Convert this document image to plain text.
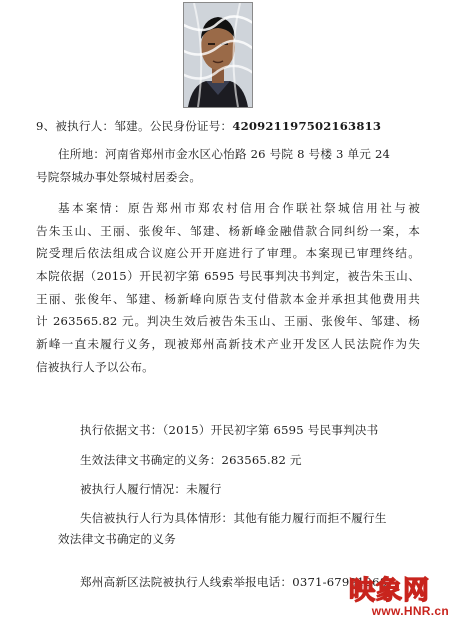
9、被执行人：邹建。公民身份证号：420921197502163813
住所地：河南省郑州市金水区心怡路 26 号院 8 号楼 3 单元 24
号院祭城办事处祭城村居委会。
基本案情：原告郑州市郑农村信用合作联社祭城信用社与被
告朱玉山、王丽、张俊年、邹建、杨新峰金融借款合同纠纷一案，本
院受理后依法组成合议庭公开开庭进行了审理。本案现已审理终结。
本院依据（2015）开民初字第 6595 号民事判决书判定，被告朱玉山、
王丽、张俊年、邹建、杨新峰向原告支付借款本金并承担其他费用共
计 263565.82 元。判决生效后被告朱玉山、王丽、张俊年、邹建、杨
新峰一直未履行义务，现被郑州高新技术产业开发区人民法院作为失
信被执行人予以公布。
执行依据文书：（2015）开民初字第 6595 号民事判决书
生效法律文书确定的义务：263565.82 元
被执行人履行情况：未履行
失信被执行人行为具体情形：其他有能力履行而拒不履行生
效法律文书确定的义务
郑州高新区法院被执行人线索举报电话：0371-67991268
映象网
www.HNR.cn
